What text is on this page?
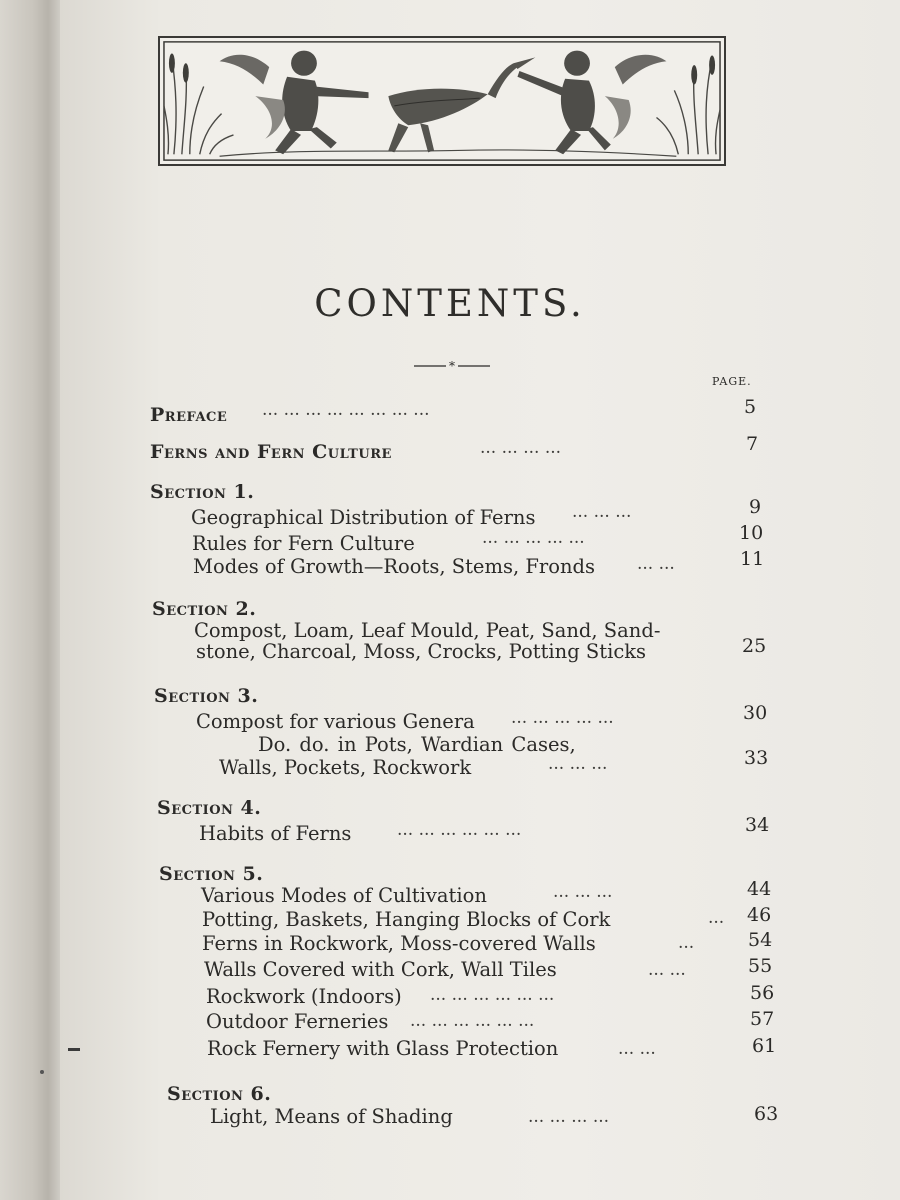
CONTENTS.
*
PAGE.
Preface ... ... ... ... ... ... ... ...	5
Ferns and Fern Culture	... ... ... ...	7
Section 1.
Geographical Distribution of Ferns ... ... ...	9
Rules for Fern Culture	... ... ... ... ...	10
Modes of Growth—Roots, Stems, Fronds ... ...	11
Section 2.
Compost, Loam, Leaf Mould, Peat, Sand, Sand-
stone, Charcoal, Moss, Crocks, Potting Sticks	25
Section 3.
Compost for various Genera ... ... ... ... ...	30
Do. do. in Pots, Wardian Cases,
Walls, Pockets, Rockwork	... ... ...	33
Section 4.
Habits of Ferns	... ... ... ... ... ...	34
Section 5.
Various Modes of Cultivation	... ... ...	44
Potting, Baskets, Hanging Blocks of Cork	... 46
Ferns in Rockwork, Moss-covered Walls	...	54
Walls Covered with Cork, Wall Tiles	... ...	55
Rockwork (Indoors) ... ... ... ... ... ...	56
Outdoor Ferneries ... ... ... ... ... ...	57
Rock Fernery with Glass Protection	... ...	61
Section 6.
Light, Means of Shading	... ... ... ...	63
